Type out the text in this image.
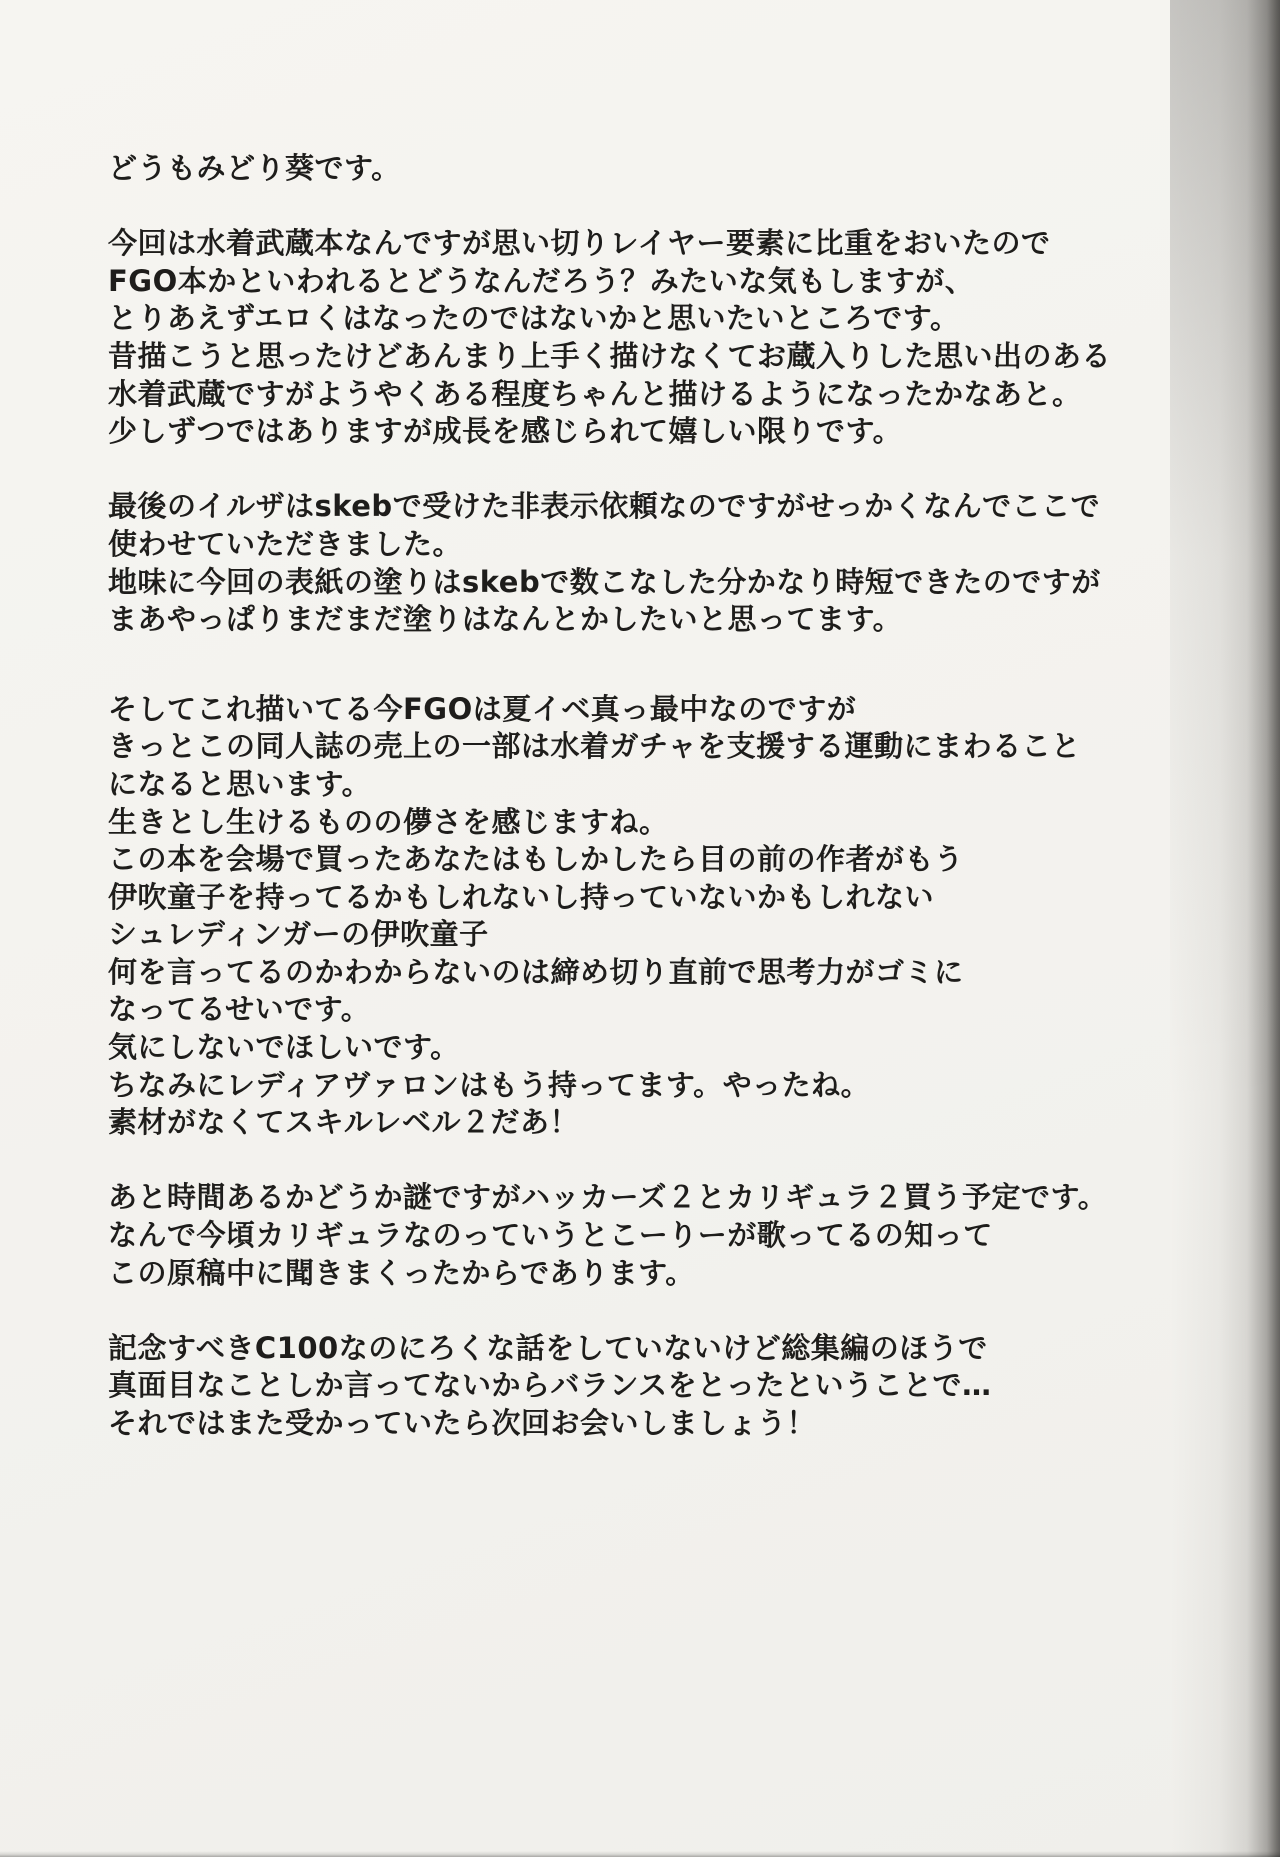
どうもみどり葵です。
今回は水着武蔵本なんですが思い切りレイヤー要素に比重をおいたので
FGO本かといわれるとどうなんだろう？みたいな気もしますが、
とりあえずエロくはなったのではないかと思いたいところです。
昔描こうと思ったけどあんまり上手く描けなくてお蔵入りした思い出のある
水着武蔵ですがようやくある程度ちゃんと描けるようになったかなあと。
少しずつではありますが成長を感じられて嬉しい限りです。
最後のイルザはskebで受けた非表示依頼なのですがせっかくなんでここで
使わせていただきました。
地味に今回の表紙の塗りはskebで数こなした分かなり時短できたのですが
まあやっぱりまだまだ塗りはなんとかしたいと思ってます。
そしてこれ描いてる今FGOは夏イベ真っ最中なのですが
きっとこの同人誌の売上の一部は水着ガチャを支援する運動にまわること
になると思います。
生きとし生けるものの儚さを感じますね。
この本を会場で買ったあなたはもしかしたら目の前の作者がもう
伊吹童子を持ってるかもしれないし持っていないかもしれない
シュレディンガーの伊吹童子
何を言ってるのかわからないのは締め切り直前で思考力がゴミに
なってるせいです。
気にしないでほしいです。
ちなみにレディアヴァロンはもう持ってます。やったね。
素材がなくてスキルレベル２だあ！
あと時間あるかどうか謎ですがハッカーズ２とカリギュラ２買う予定です。
なんで今頃カリギュラなのっていうとこーりーが歌ってるの知って
この原稿中に聞きまくったからであります。
記念すべきC100なのにろくな話をしていないけど総集編のほうで
真面目なことしか言ってないからバランスをとったということで…
それではまた受かっていたら次回お会いしましょう！
